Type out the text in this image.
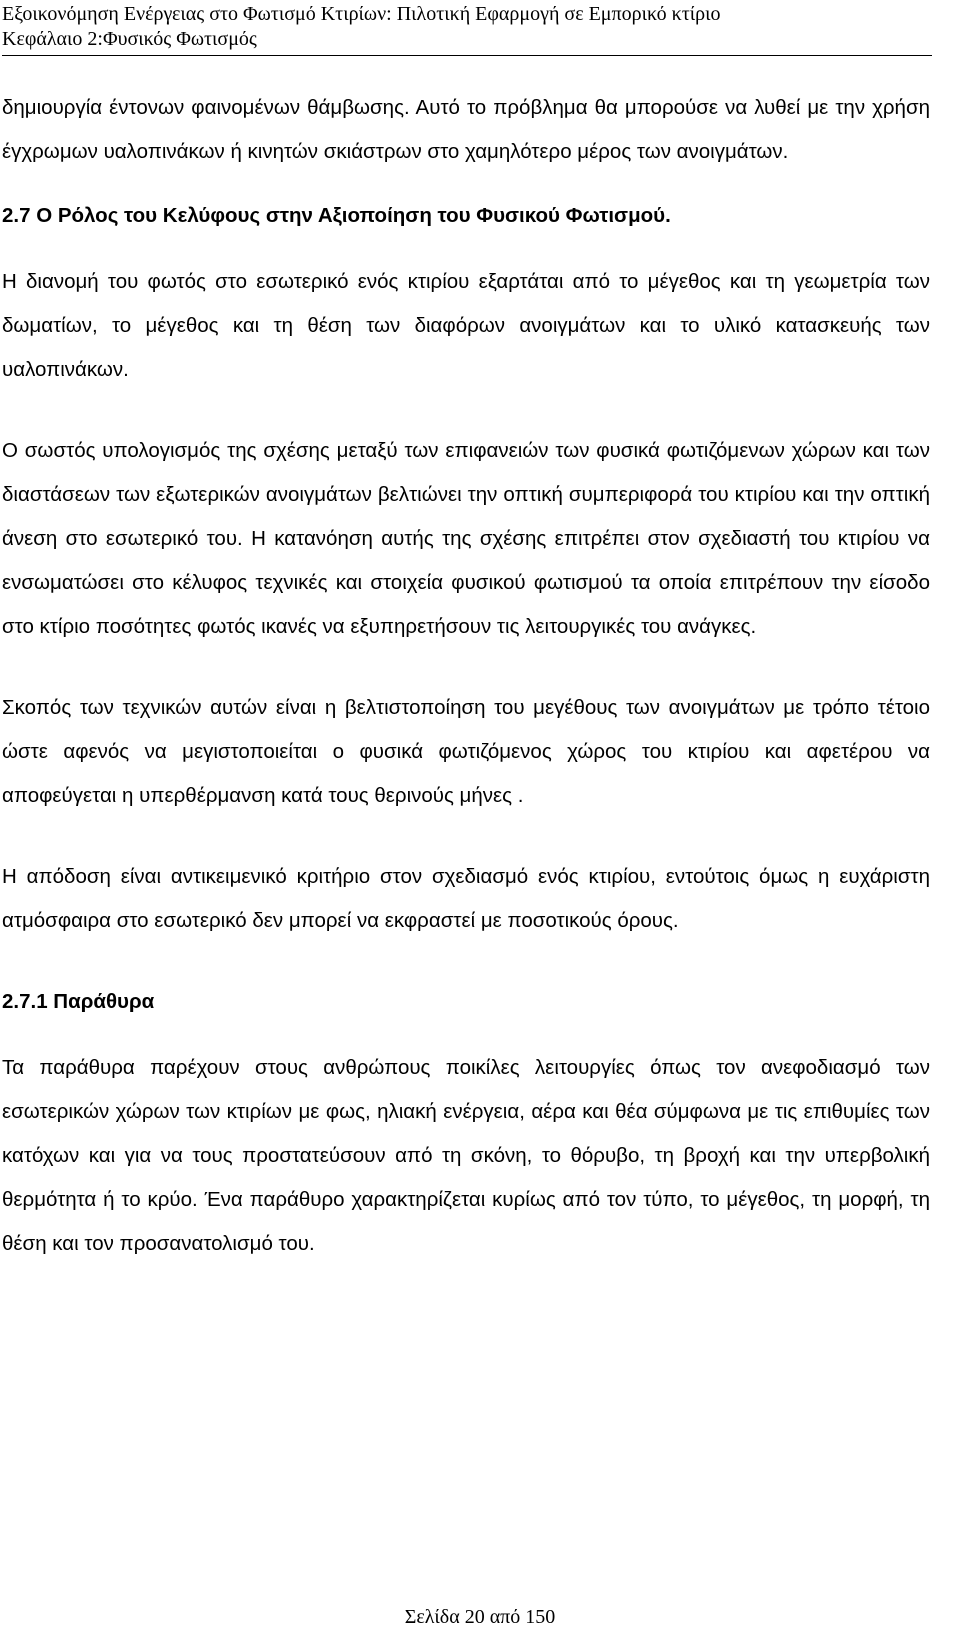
Εξοικονόμηση Ενέργειας στο Φωτισμό Κτιρίων: Πιλοτική Εφαρμογή σε Εμπορικό κτίριο
Κεφάλαιο 2:Φυσικός Φωτισμός

δημιουργία έντονων φαινομένων θάμβωσης. Αυτό το πρόβλημα θα μπορούσε να λυθεί με την χρήση έγχρωμων υαλοπινάκων ή κινητών σκιάστρων στο χαμηλότερο μέρος των ανοιγμάτων.

2.7 Ο Ρόλος του Κελύφους στην Αξιοποίηση του Φυσικού Φωτισμού.

Η διανομή του φωτός στο εσωτερικό ενός κτιρίου εξαρτάται από το μέγεθος και τη γεωμετρία των δωματίων, το μέγεθος και τη θέση των διαφόρων ανοιγμάτων και το υλικό κατασκευής των υαλοπινάκων.

Ο σωστός υπολογισμός της σχέσης μεταξύ των επιφανειών των φυσικά φωτιζόμενων χώρων και των διαστάσεων των εξωτερικών ανοιγμάτων βελτιώνει την οπτική συμπεριφορά του κτιρίου και την οπτική άνεση στο εσωτερικό του. Η κατανόηση αυτής της σχέσης επιτρέπει στον σχεδιαστή του κτιρίου να ενσωματώσει στο κέλυφος τεχνικές και στοιχεία φυσικού φωτισμού τα οποία επιτρέπουν την είσοδο στο κτίριο ποσότητες φωτός ικανές να εξυπηρετήσουν τις λειτουργικές του ανάγκες.

Σκοπός των τεχνικών αυτών είναι η βελτιστοποίηση του μεγέθους των ανοιγμάτων με τρόπο τέτοιο ώστε αφενός να μεγιστοποιείται ο φυσικά φωτιζόμενος χώρος του κτιρίου και αφετέρου να αποφεύγεται η υπερθέρμανση κατά τους θερινούς μήνες .

Η απόδοση είναι αντικειμενικό κριτήριο στον σχεδιασμό ενός κτιρίου, εντούτοις όμως η ευχάριστη ατμόσφαιρα στο εσωτερικό δεν μπορεί να εκφραστεί με ποσοτικούς όρους.

2.7.1 Παράθυρα

Τα παράθυρα παρέχουν στους ανθρώπους ποικίλες λειτουργίες όπως τον ανεφοδιασμό των εσωτερικών χώρων των κτιρίων με φως, ηλιακή ενέργεια, αέρα και θέα σύμφωνα με τις επιθυμίες των κατόχων και για να τους προστατεύσουν από τη σκόνη, το θόρυβο, τη βροχή και την υπερβολική θερμότητα ή το κρύο. Ένα παράθυρο χαρακτηρίζεται κυρίως από τον τύπο, το μέγεθος, τη μορφή, τη θέση και τον προσανατολισμό του.

Σελίδα 20 από 150
